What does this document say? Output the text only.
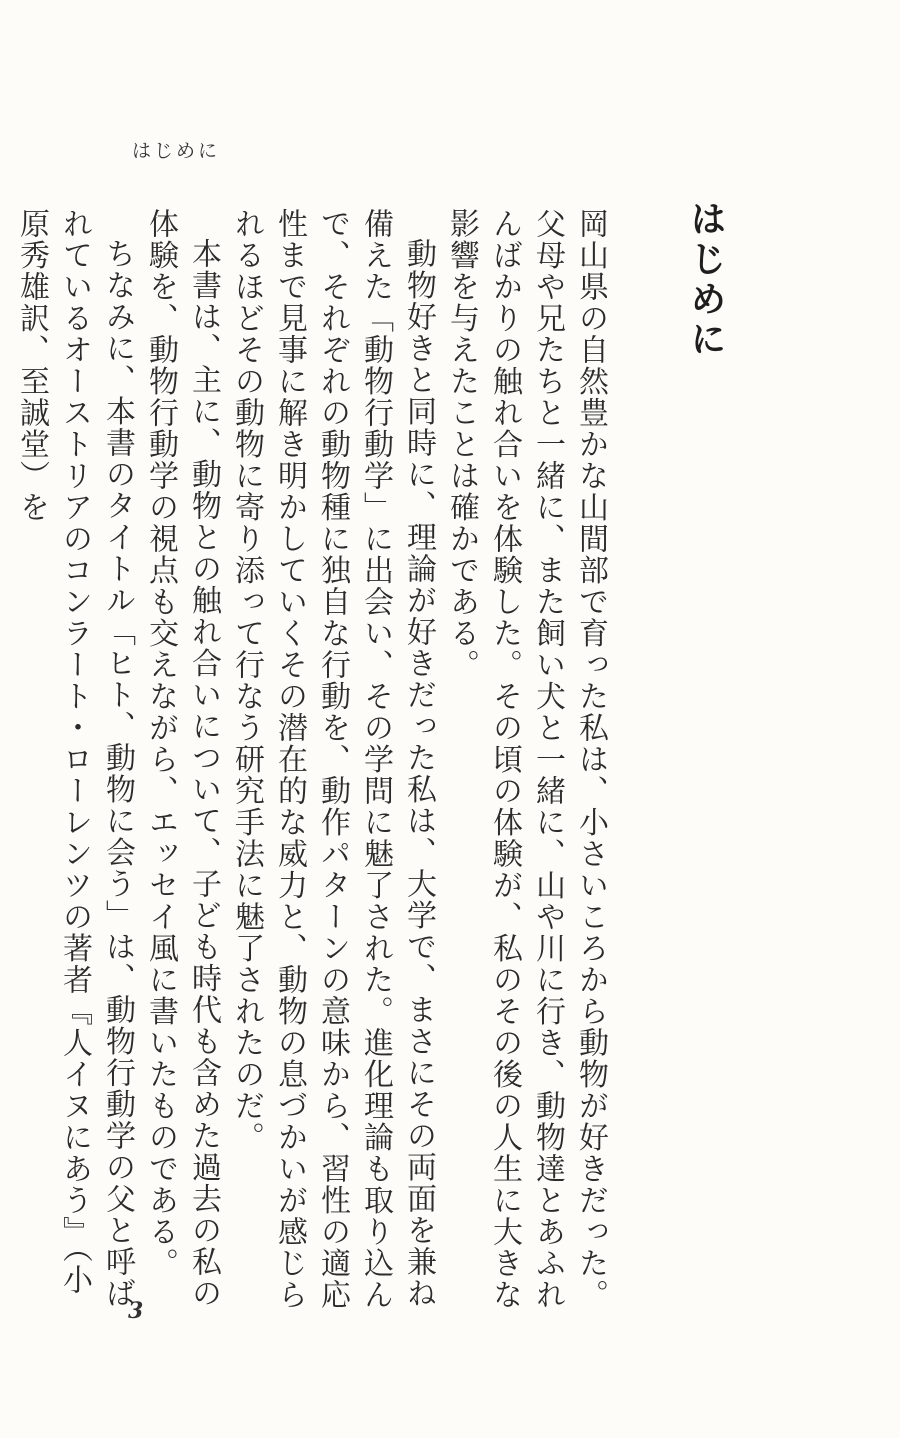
はじめに
はじめに

岡山県の自然豊かな山間部で育った私は、小さいころから動物が好きだった。父母や兄たちと一緒に、また飼い犬と一緒に、山や川に行き、動物達とあふれんばかりの触れ合いを体験した。その頃の体験が、私のその後の人生に大きな影響を与えたことは確かである。

動物好きと同時に、理論が好きだった私は、大学で、まさにその両面を兼ね備えた「動物行動学」に出会い、その学問に魅了された。進化理論も取り込んで、それぞれの動物種に独自な行動を、動作パターンの意味から、習性の適応性まで見事に解き明かしていくその潜在的な威力と、動物の息づかいが感じられるほどその動物に寄り添って行なう研究手法に魅了されたのだ。

本書は、主に、動物との触れ合いについて、子ども時代も含めた過去の私の体験を、動物行動学の視点も交えながら、エッセイ風に書いたものである。

ちなみに、本書のタイトル「ヒト、動物に会う」は、動物行動学の父と呼ばれているオーストリアのコンラート・ローレンツの著者『人イヌにあう』（小原秀雄訳、至誠堂）を

3
